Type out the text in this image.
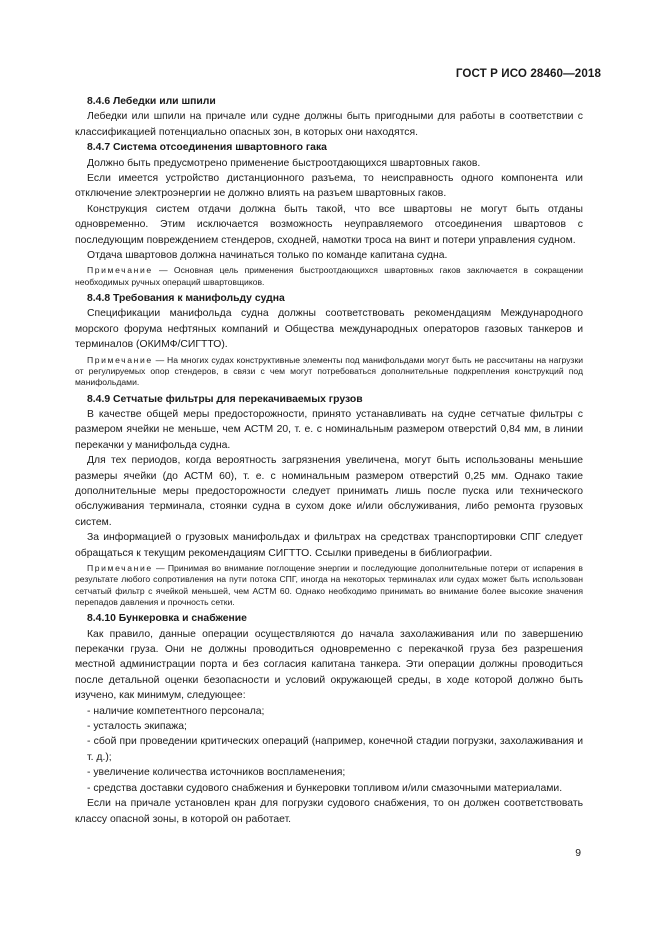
ГОСТ Р ИСО 28460—2018

8.4.6 Лебедки или шпили

Лебедки или шпили на причале или судне должны быть пригодными для работы в соответствии с классификацией потенциально опасных зон, в которых они находятся.

8.4.7 Система отсоединения швартовного гака

Должно быть предусмотрено применение быстроотдающихся швартовных гаков.

Если имеется устройство дистанционного разъема, то неисправность одного компонента или отключение электроэнергии не должно влиять на разъем швартовных гаков.

Конструкция систем отдачи должна быть такой, что все швартовы не могут быть отданы одновременно. Этим исключается возможность неуправляемого отсоединения швартовов с последующим повреждением стендеров, сходней, намотки троса на винт и потери управления судном.

Отдача швартовов должна начинаться только по команде капитана судна.

Примечание — Основная цель применения быстроотдающихся швартовных гаков заключается в сокращении необходимых ручных операций швартовщиков.

8.4.8 Требования к манифольду судна

Спецификации манифольда судна должны соответствовать рекомендациям Международного морского форума нефтяных компаний и Общества международных операторов газовых танкеров и терминалов (ОКИМФ/СИГТТО).

Примечание — На многих судах конструктивные элементы под манифольдами могут быть не рассчитаны на нагрузки от регулируемых опор стендеров, в связи с чем могут потребоваться дополнительные подкрепления конструкций под манифольдами.

8.4.9 Сетчатые фильтры для перекачиваемых грузов

В качестве общей меры предосторожности, принято устанавливать на судне сетчатые фильтры с размером ячейки не меньше, чем АСТМ 20, т. е. с номинальным размером отверстий 0,84 мм, в линии перекачки у манифольда судна.

Для тех периодов, когда вероятность загрязнения увеличена, могут быть использованы меньшие размеры ячейки (до АСТМ 60), т. е. с номинальным размером отверстий 0,25 мм. Однако такие дополнительные меры предосторожности следует принимать лишь после пуска или технического обслуживания терминала, стоянки судна в сухом доке и/или обслуживания, либо ремонта грузовых систем.

За информацией о грузовых манифольдах и фильтрах на средствах транспортировки СПГ следует обращаться к текущим рекомендациям СИГТТО. Ссылки приведены в библиографии.

Примечание — Принимая во внимание поглощение энергии и последующие дополнительные потери от испарения в результате любого сопротивления на пути потока СПГ, иногда на некоторых терминалах или судах может быть использован сетчатый фильтр с ячейкой меньшей, чем АСТМ 60. Однако необходимо принимать во внимание более высокие значения перепадов давления и прочность сетки.

8.4.10 Бункеровка и снабжение

Как правило, данные операции осуществляются до начала захолаживания или по завершению перекачки груза. Они не должны проводиться одновременно с перекачкой груза без разрешения местной администрации порта и без согласия капитана танкера. Эти операции должны проводиться после детальной оценки безопасности и условий окружающей среды, в ходе которой должно быть изучено, как минимум, следующее:

- наличие компетентного персонала;

- усталость экипажа;

- сбой при проведении критических операций (например, конечной стадии погрузки, захолаживания и т. д.);

- увеличение количества источников воспламенения;

- средства доставки судового снабжения и бункеровки топливом и/или смазочными материалами.

Если на причале установлен кран для погрузки судового снабжения, то он должен соответствовать классу опасной зоны, в которой он работает.

9
